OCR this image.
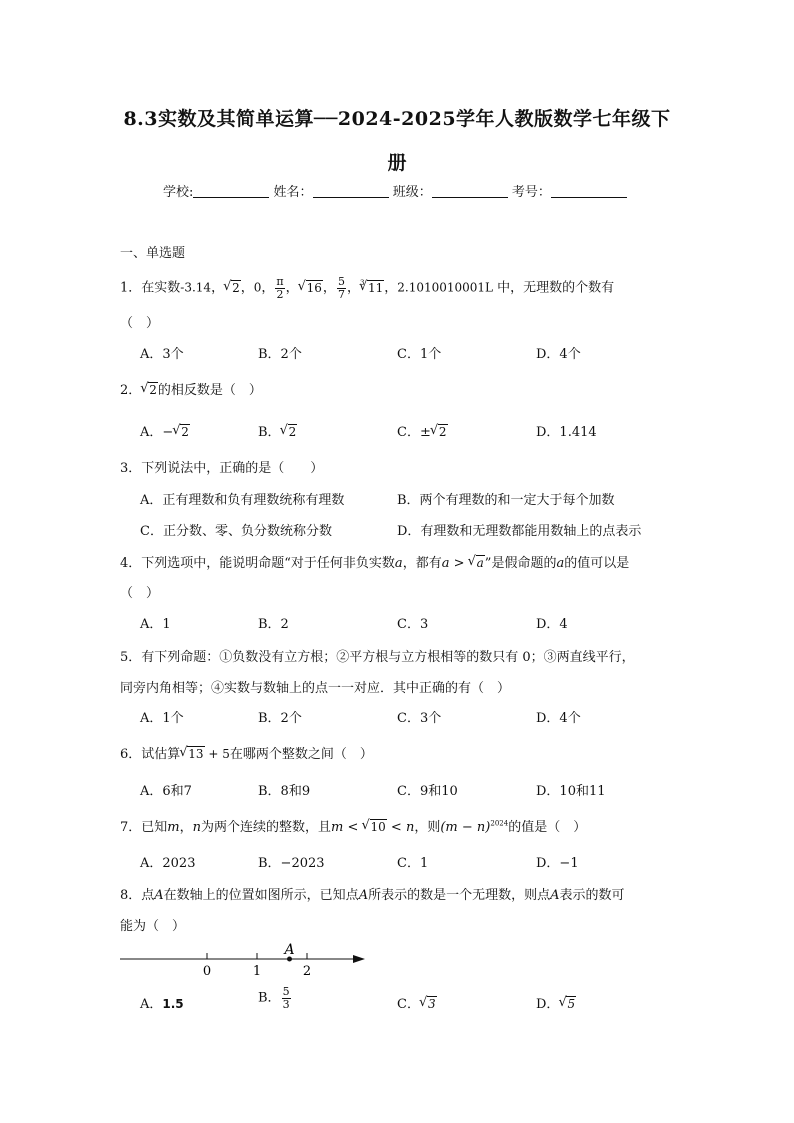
8.3实数及其简单运算──2024-2025学年人教版数学七年级下
册
学校:	姓名：	班级：	考号：
一、单选题
1．在实数-3.14， √ 2，0， $\frac{\pi}{2}$ ， √ 16， $\frac{5}{7}$ ， √ 3 11，2.1010010001L 中，无理数的个数有
（　）
A．3个	B．2个	C．1个	D．4个
2． √ 2的相反数是（　）
A．− √ 2	B． √ 2	C．± √ 2	D．1.414
3．下列说法中，正确的是（　　）
A．正有理数和负有理数统称有理数	B．两个有理数的和一定大于每个加数
C．正分数、零、负分数统称分数	D．有理数和无理数都能用数轴上的点表示
4．下列选项中，能说明命题“对于任何非负实数a，都有a > √ a”是假命题的a的值可以是
（　）
A．1	B．2	C．3	D．4
5．有下列命题：①负数没有立方根；②平方根与立方根相等的数只有 0；③两直线平行，
同旁内角相等；④实数与数轴上的点一一对应．其中正确的有（　）
A．1个	B．2个	C．3个	D．4个
6．试估算 √ 13 + 5在哪两个整数之间（　）
A．6和7	B．8和9	C．9和10	D．10和11
7．已知m，n为两个连续的整数，且m < √ 10 < n，则$(m - n)^{2024}$的值是（　）
A．2023	B．−2023	C．1	D．−1
8．点A在数轴上的位置如图所示，已知点A所表示的数是一个无理数，则点A表示的数可
能为（　）
0	1	2
A
A．1.5	B． $\frac{5}{3}$	C． √ 3	D． √ 5
